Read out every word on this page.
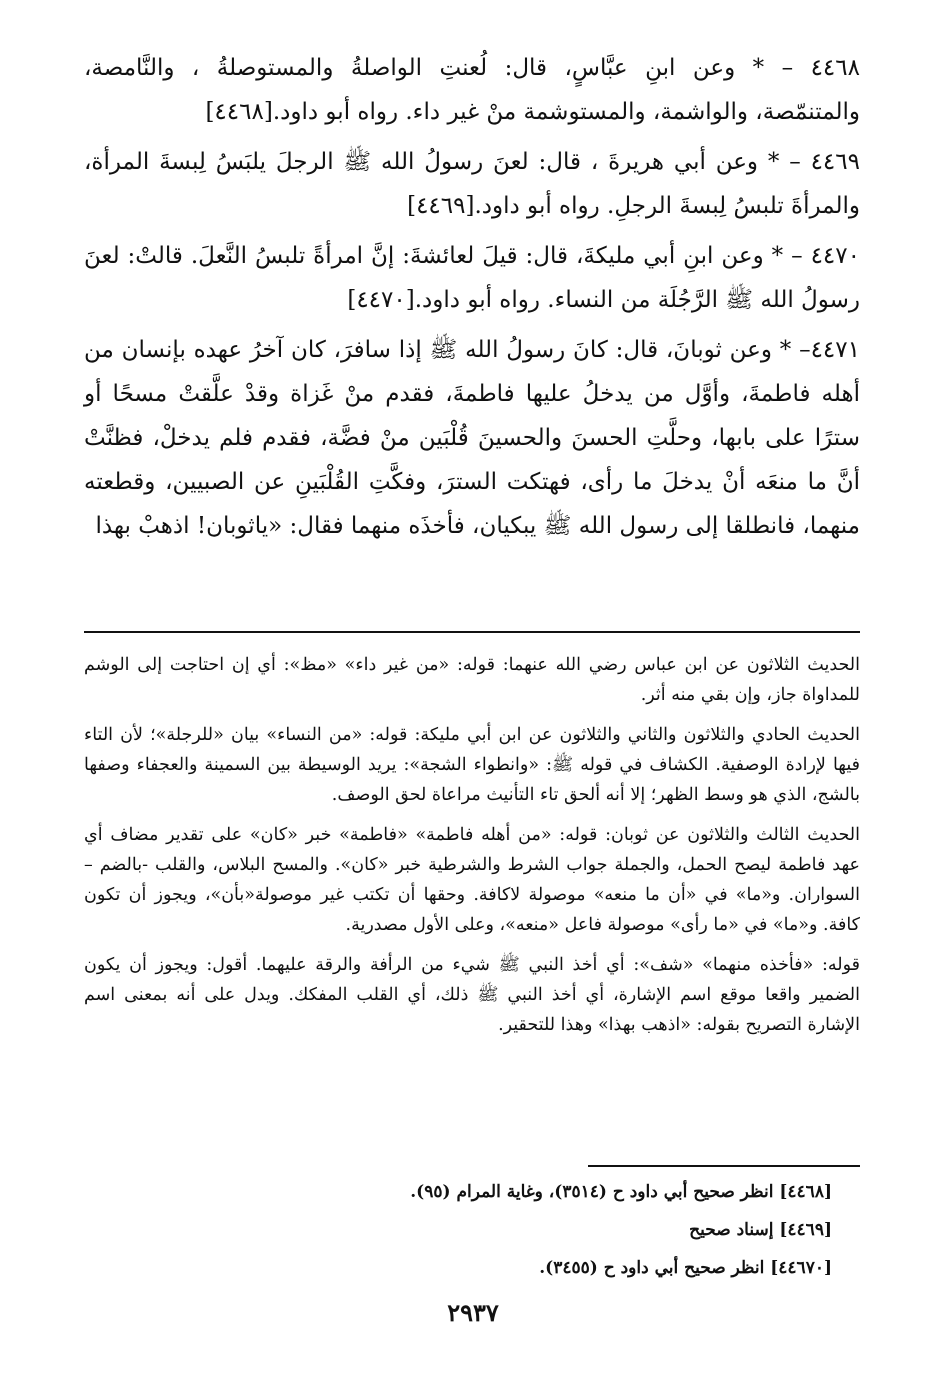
٤٤٦٨ – * وعن ابنِ عبَّاسٍ، قال: لُعنتِ الواصلةُ والمستوصلةُ ، والنَّامصة، والمتنمّصة، والواشمة، والمستوشمة منْ غير داء. رواه أبو داود.[٤٤٦٨]

٤٤٦٩ – * وعن أبي هريرةَ ، قال: لعنَ رسولُ الله ﷺ الرجلَ يلبَسُ لِبسةَ المرأة، والمرأةَ تلبسُ لِبسةَ الرجلِ. رواه أبو داود.[٤٤٦٩]

٤٤٧٠ – * وعن ابنِ أبي مليكةَ، قال: قيلَ لعائشةَ: إنَّ امرأةً تلبسُ النَّعلَ. قالتْ: لعنَ رسولُ الله ﷺ الرَّجُلَة من النساء. رواه أبو داود.[٤٤٧٠]

٤٤٧١– * وعن ثوبانَ، قال: كانَ رسولُ الله ﷺ إذا سافرَ، كان آخرُ عهده بإنسان من أهله فاطمةَ، وأوَّل من يدخلُ عليها فاطمةَ، فقدم منْ غَزاة وقدْ علَّقتْ مسحًا أو سترًا على بابها، وحلَّتِ الحسنَ والحسينَ قُلْبَين منْ فضَّة، فقدم فلم يدخلْ، فظنَّتْ أنَّ ما منعَه أنْ يدخلَ ما رأى، فهتكت السترَ، وفكَّتِ القُلْبَينِ عن الصبيين، وقطعته منهما، فانطلقا إلى رسول الله ﷺ يبكيان، فأخذَه منهما فقال: «ياثوبان! اذهبْ بهذا

الحديث الثلاثون عن ابن عباس رضي الله عنهما: قوله: «من غير داء» «مظ»: أي إن احتاجت إلى الوشم للمداواة جاز، وإن بقي منه أثر.

الحديث الحادي والثلاثون والثاني والثلاثون عن ابن أبي مليكة: قوله: «من النساء» بيان «للرجلة»؛ لأن التاء فيها لإرادة الوصفية. الكشاف في قوله ﷺ: «وانطواء الشجة»: يريد الوسيطة بين السمينة والعجفاء وصفها بالشج، الذي هو وسط الظهر؛ إلا أنه ألحق تاء التأنيث مراعاة لحق الوصف.

الحديث الثالث والثلاثون عن ثوبان: قوله: «من أهله فاطمة» «فاطمة» خبر «كان» على تقدير مضاف أي عهد فاطمة ليصح الحمل، والجملة جواب الشرط والشرطية خبر «كان». والمسح البلاس، والقلب -بالضم – السواران. و«ما» في «أن ما منعه» موصولة لاكافة. وحقها أن تكتب غير موصولة«بأن»، ويجوز أن تكون كافة. و«ما» في «ما رأى» موصولة فاعل «منعه»، وعلى الأول مصدرية.

قوله: «فأخذه منهما» «شف»: أي أخذ النبي ﷺ شيء من الرأفة والرقة عليهما. أقول: ويجوز أن يكون الضمير واقعا موقع اسم الإشارة، أي أخذ النبي ﷺ ذلك، أي القلب المفكك. ويدل على أنه بمعنى اسم الإشارة التصريح بقوله: «اذهب بهذا» وهذا للتحقير.

[٤٤٦٨] انظر صحيح أبي داود ح (٣٥١٤)، وغاية المرام (٩٥).
[٤٤٦٩] إسناد صحيح
[٤٤٦٧٠] انظر صحيح أبي داود ح (٣٤٥٥).
٢٩٣٧
